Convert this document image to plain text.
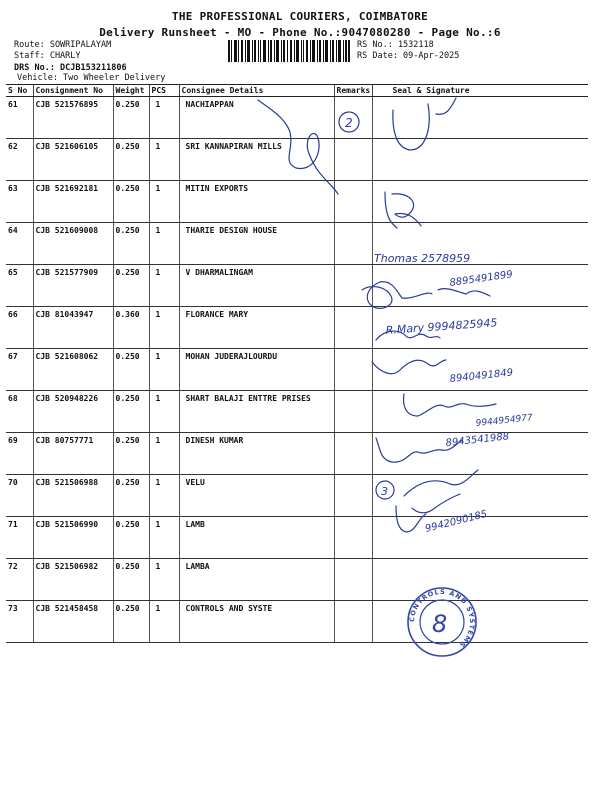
THE PROFESSIONAL COURIERS, COIMBATORE
Delivery Runsheet - MO - Phone No.:9047080280 - Page No.:6
Route: SOWRIPALAYAM
Staff: CHARLY
DRS No.: DCJB153211806
Vehicle: Two Wheeler Delivery
RS No.: 1532118
RS Date: 09-Apr-2025
S No	Consignment No	Weight	PCS	Consignee Details	Remarks	Seal & Signature
61	CJB 521576895	0.250	1	NACHIAPPAN		
62	CJB 521606105	0.250	1	SRI KANNAPIRAN MILLS		
63	CJB 521692181	0.250	1	MITIN EXPORTS		
64	CJB 521609008	0.250	1	THARIE DESIGN HOUSE		
65	CJB 521577909	0.250	1	V DHARMALINGAM		
66	CJB 81043947	0.360	1	FLORANCE MARY		
67	CJB 521608062	0.250	1	MOHAN JUDERAJLOURDU		
68	CJB 520948226	0.250	1	SHART BALAJI ENTTRE PRISES		
69	CJB 80757771	0.250	1	DINESH KUMAR		
70	CJB 521506988	0.250	1	VELU		
71	CJB 521506990	0.250	1	LAMB		
72	CJB 521506982	0.250	1	LAMBA		
73	CJB 521458458	0.250	1	CONTROLS AND SYSTE		
2
Thomas 2578959
8895491899
R.Mary 9994825945
8940491849
9944954977
8943541988
3
9942090185
CONTROLS AND SYSTEMS
8
